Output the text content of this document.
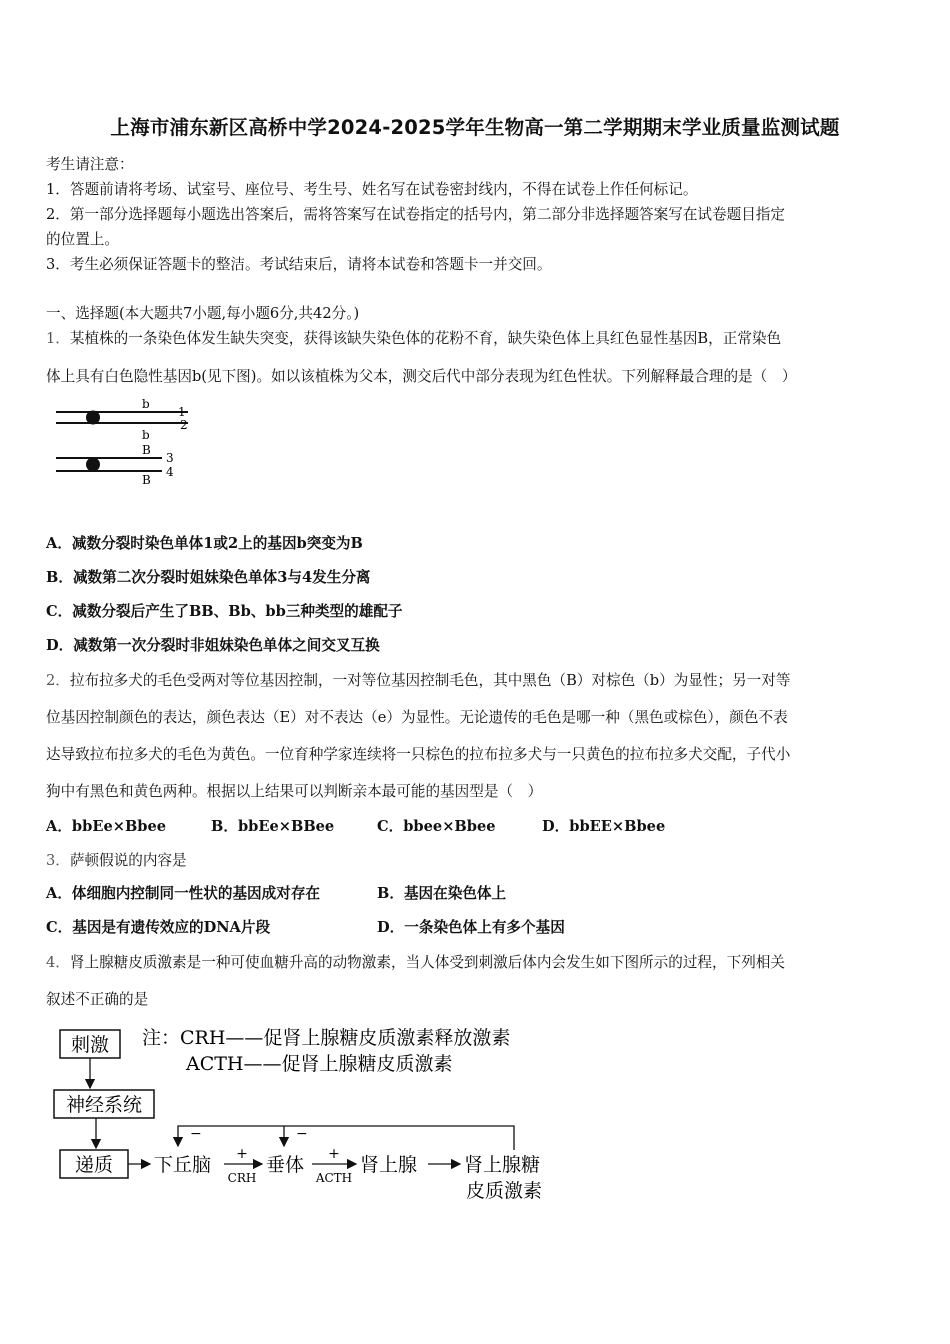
上海市浦东新区高桥中学2024-2025学年生物高一第二学期期末学业质量监测试题
考生请注意：
1．答题前请将考场、试室号、座位号、考生号、姓名写在试卷密封线内，不得在试卷上作任何标记。
2．第一部分选择题每小题选出答案后，需将答案写在试卷指定的括号内，第二部分非选择题答案写在试卷题目指定
的位置上。
3．考生必须保证答题卡的整洁。考试结束后，请将本试卷和答题卡一并交回。
一、选择题(本大题共7小题,每小题6分,共42分。)
1．某植株的一条染色体发生缺失突变，获得该缺失染色体的花粉不育，缺失染色体上具红色显性基因B，正常染色
体上具有白色隐性基因b(见下图)。如以该植株为父本，测交后代中部分表现为红色性状。下列解释最合理的是（　）
b
b
B
B
1
2
3
4
A．减数分裂时染色单体1或2上的基因b突变为B
B．减数第二次分裂时姐妹染色单体3与4发生分离
C．减数分裂后产生了BB、Bb、bb三种类型的雄配子
D．减数第一次分裂时非姐妹染色单体之间交叉互换
2．拉布拉多犬的毛色受两对等位基因控制，一对等位基因控制毛色，其中黑色（B）对棕色（b）为显性；另一对等
位基因控制颜色的表达，颜色表达（E）对不表达（e）为显性。无论遗传的毛色是哪一种（黑色或棕色），颜色不表
达导致拉布拉多犬的毛色为黄色。一位育种学家连续将一只棕色的拉布拉多犬与一只黄色的拉布拉多犬交配，子代小
狗中有黑色和黄色两种。根据以上结果可以判断亲本最可能的基因型是（　）
A．bbEe×Bbee	B．bbEe×BBee	C．bbee×Bbee	D．bbEE×Bbee
3．萨顿假说的内容是
A．体细胞内控制同一性状的基因成对存在	B．基因在染色体上
C．基因是有遗传效应的DNA片段	D．一条染色体上有多个基因
4．肾上腺糖皮质激素是一种可使血糖升高的动物激素，当人体受到刺激后体内会发生如下图所示的过程，下列相关
叙述不正确的是
刺激
神经系统
递质 下丘脑 +
CRH
垂体 +
ACTH
肾上腺 肾上腺糖
皮质激素
−	−
注：CRH——促肾上腺糖皮质激素释放激素
ACTH——促肾上腺糖皮质激素
